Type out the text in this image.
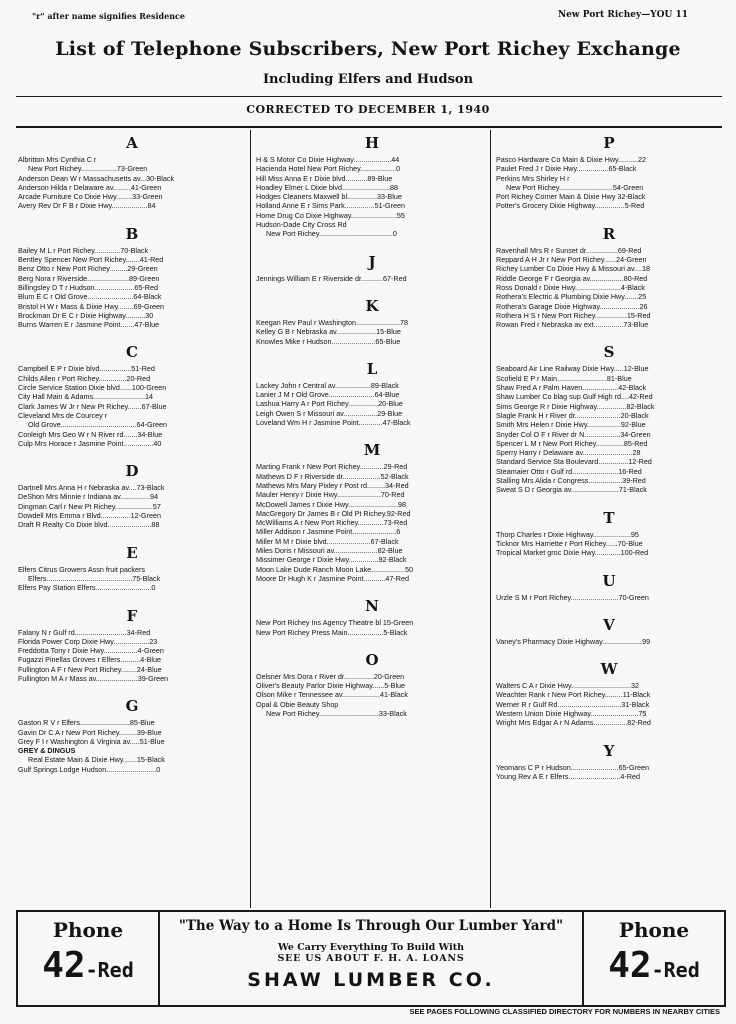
"r" after name signifies Residence	New Port Richey—YOU 11
List of Telephone Subscribers, New Port Richey Exchange
Including Elfers and Hudson
CORRECTED TO DECEMBER 1, 1940
A
Albritton Mrs Cynthia C r
New Port Richey..................73-Green
Anderson Dean W r Massachusetts av...30-Black
Anderson Hilda r Delaware av.........41-Green
Arcade Furniture Co Dixie Hwy........33-Green
Avery Rev Dr F B r Dixie Hwy..................84
B
Bailey M L r Port Richey.............70-Black
Bentley Spencer New Port Richey.......41-Red
Benz Otto r New Port Richey.........29-Green
Berg Nora r Riverside.....................89-Green
Billingsley D T r Hudson....................65-Red
Blum E C r Old Grove.......................64-Black
Bristol H W r Mass & Dixie Hwy........69-Green
Brockman Dr E C r Dixie Highway..........30
Burns Warren E r Jasmine Point.......47-Blue
C
Campbell E P r Dixie blvd................51-Red
Childs Allen r Port Richey..............20-Red
Circle Service Station Dixie blvd......100-Green
City Hall Main & Adams..........................14
Clark James W Jr r New Pt Richey.......67-Blue
Cleveland Mrs de Courcey r
Old Grove......................................64-Green
Conleigh Mrs Geo W r N River rd.......34-Blue
Culp Mrs Horace r Jasmine Point...............40
D
Dartnell Mrs Anna H r Nebraska av....73-Black
DeShon Mrs Minnie r Indiana av...............94
Dingman Carl r New Pt Richey...................57
Dowdell Mrs Emma r Blvd...............12-Green
Draft R Realty Co Dixie blvd......................88
E
Elfers Citrus Growers Assn fruit packers
Elfers...........................................75-Black
Elfers Pay Station Elfers............................0
F
Falany N r Gulf rd..........................34-Red
Florida Power Corp Dixie Hwy..................23
Freddotta Tony r Dixie Hwy.................4-Green
Fugazzi Pinellas Groves r Elfers..........4-Blue
Fullington A F r New Port Richey........24-Blue
Fullington M A r Mass av.....................39-Green
G
Gaston R V r Elfers.........................85-Blue
Gavin Dr C A r New Port Richey.........39-Blue
Grey F I r Washington & Virginia av.....51-Blue
GREY & DINGUS
Real Estate Main & Dixie Hwy.......15-Black
Gulf Springs Lodge Hudson.........................0
H
H & S Motor Co Dixie Highway...................44
Hacienda Hotel New Port Richey..................0
Hill Miss Anna E r Dixie blvd...........89-Blue
Hoadley Elmer L Dixie blvd........................88
Hodges Cleaners Maxwell bl...............33-Blue
Holland Anne E r Sims Park...............51-Green
Home Drug Co Dixie Highway.......................55
Hudson-Dade City Cross Rd
New Port Richey.....................................0
J
Jennings William E r Riverside dr...........67-Red
K
Keegan Rev Paul r Washington......................78
Kelley G B r Nebraska av....................15-Blue
Knowles Mike r Hudson......................65-Blue
L
Lackey John r Central av..................89-Black
Lanier J M r Old Grove.......................64-Blue
Lashua Harry A r Port Richey...............20-Blue
Leigh Owen S r Missouri av.................29-Blue
Loveland Wm H r Jasmine Point............47-Black
M
Marting Frank r New Port Richey............29-Red
Mathews D F r Riverside dr...................52-Black
Mathews Mrs Mary Pixley r Post rd.........34-Red
Mauler Henry r Dixie Hwy......................70-Red
McDowell James r Dixie Hwy.........................98
MacGregory Dr James B r Old Pt Richey.92-Red
McWilliams A r New Port Richey.............73-Red
Miller Addison r Jasmine Point......................6
Miller M M r Dixie blvd......................67-Black
Miles Doris r Missouri av......................82-Blue
Missimer George r Dixie Hwy...............92-Black
Moon Lake Dude Ranch Moon Lake.................50
Moore Dr Hugh K r Jasmine Point...........47-Red
N
New Port Richey Ins Agency Theatre bl 15-Green
New Port Richey Press Main..................5-Black
O
Oelsner Mrs Dora r River dr...............20-Green
Oliver's Beauty Parlor Dixie Highway......5-Blue
Olson Mike r Tennessee av...................41-Black
Opal & Obie Beauty Shop
New Port Richey..............................33-Black
P
Pasco Hardware Co Main & Dixie Hwy..........22
Paulet Fred J r Dixie Hwy................65-Black
Perkins Mrs Shirley H r
New Port Richey...........................54-Green
Port Richey Corner Main & Dixie Hwy 32-Black
Potter's Grocery Dixie Highway...............5-Red
R
Ravenhall Mrs R r Sunset dr................69-Red
Reppard A H Jr r New Port Richey......24-Green
Richey Lumber Co Dixie Hwy & Missouri av....18
Riddle George F r Georgia av.................80-Red
Ross Donald r Dixie Hwy.......................4-Black
Rothera's Electric & Plumbing Dixie Hwy.......25
Rothera's Garage Dixie Highway....................26
Rothera H S r New Port Richey................15-Red
Rowan Fred r Nebraska av ext...............73-Blue
S
Seaboard Air Line Railway Dixie Hwy.....12-Blue
Scofield E P r Main.........................81-Blue
Shaw Fred A r Palm Haven..................42-Black
Shaw Lumber Co blag sup Gulf High rd....42-Red
Sims George R r Dixie Highway...............82-Black
Slagle Frank H r River dr.......................20-Black
Smith Mrs Helen r Dixie Hwy.................92-Blue
Snyder Col O F r River dr N..................34-Green
Spencer L M r New Port Richey..............85-Red
Sperry Harry r Delaware av.........................28
Standard Service Sta Boulevard...............12-Red
Steamaier Otto r Gulf rd.......................16-Red
Stalling Mrs Alida r Congress.................39-Red
Sweat S D r Georgia av........................71-Black
T
Thorp Charles r Dixie Highway...................95
Ticknor Mrs Harriette r Port Richey......70-Blue
Tropical Market groc Dixie Hwy.............100-Red
U
Urzle S M r Port Richey........................70-Green
V
Vaney's Pharmacy Dixie Highway....................99
W
Walters C A r Dixie Hwy..............................32
Weachter Rank r New Port Richey.........11-Black
Werner R r Gulf Rd................................31-Black
Western Union Dixie Highway........................75
Wright Mrs Edgar A r N Adams.................82-Red
Y
Yeomans C P r Hudson........................65-Green
Young Rev A E r Elfers..........................4-Red
Phone
42-Red
"The Way to a Home Is Through Our Lumber Yard"
We Carry Everything To Build With
SEE US ABOUT F. H. A. LOANS
SHAW LUMBER CO.
Phone
42-Red
SEE PAGES FOLLOWING CLASSIFIED DIRECTORY FOR NUMBERS IN NEARBY CITIES
